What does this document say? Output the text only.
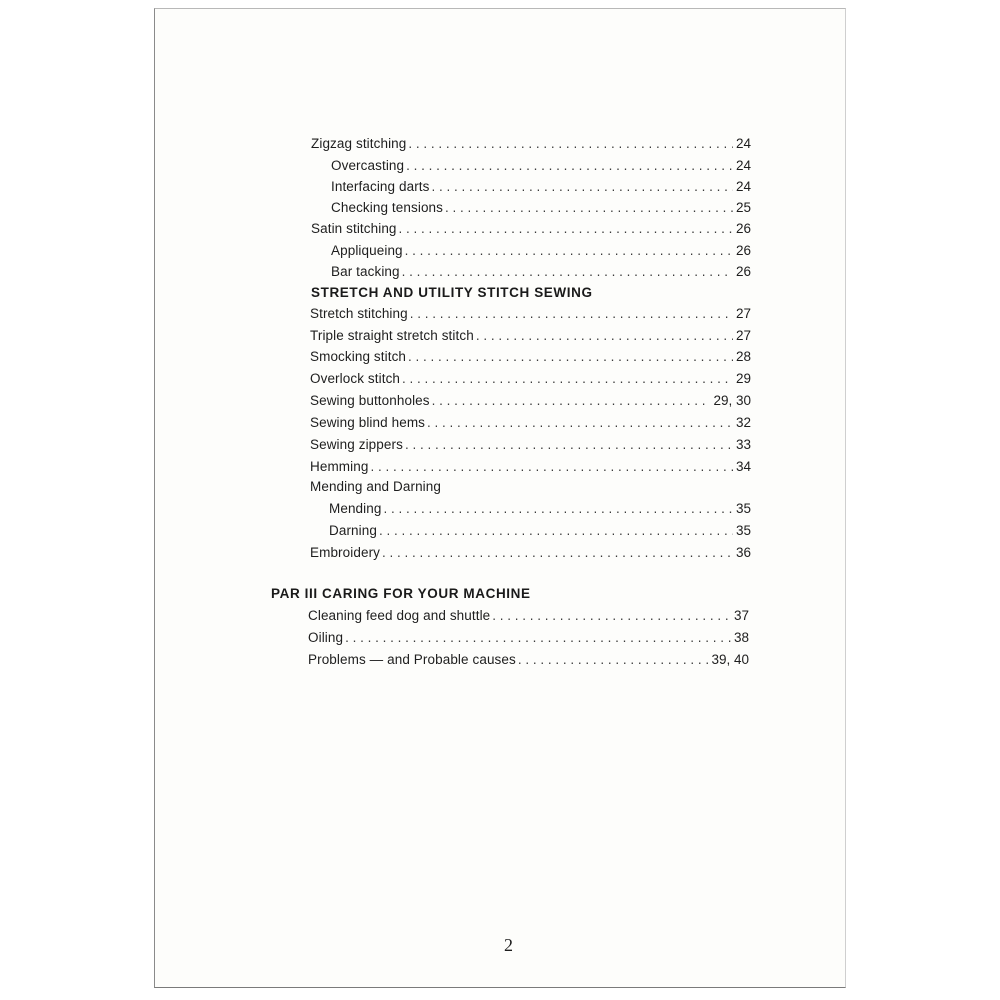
Zigzag stitching . . .	24
Overcasting . . .	24
Interfacing darts . . .	24
Checking tensions . . .	25
Satin stitching . . .	26
Appliqueing . . .	26
Bar tacking . . .	26
STRETCH AND UTILITY STITCH SEWING
Stretch stitching . . .	27
Triple straight stretch stitch . . .	27
Smocking stitch . . .	28
Overlock stitch . . .	29
Sewing buttonholes . . .	29, 30
Sewing blind hems . . .	32
Sewing zippers . . .	33
Hemming . . .	34
Mending and Darning
Mending . . .	35
Darning . . .	35
Embroidery . . .	36
PAR III CARING FOR YOUR MACHINE
Cleaning feed dog and shuttle . . .	37
Oiling . . .	38
Problems — and Probable causes . . .	39, 40
2
